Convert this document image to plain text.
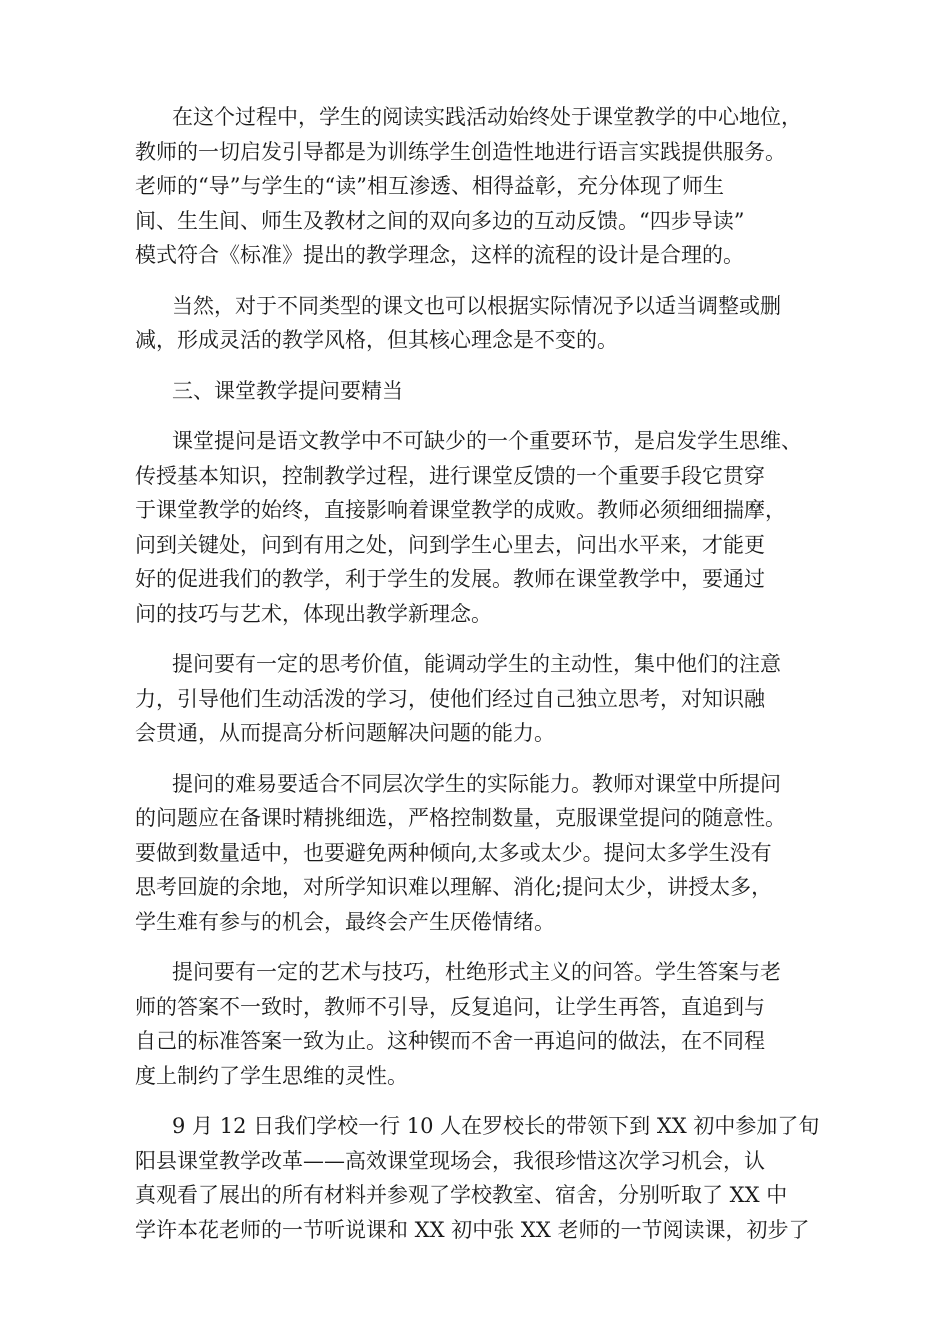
在这个过程中，学生的阅读实践活动始终处于课堂教学的中心地位，
教师的一切启发引导都是为训练学生创造性地进行语言实践提供服务。
老师的“导”与学生的“读”相互渗透、相得益彰，充分体现了师生
间、生生间、师生及教材之间的双向多边的互动反馈。“四步导读”
模式符合《标准》提出的教学理念，这样的流程的设计是合理的。
当然，对于不同类型的课文也可以根据实际情况予以适当调整或删
减，形成灵活的教学风格，但其核心理念是不变的。
三、课堂教学提问要精当
课堂提问是语文教学中不可缺少的一个重要环节，是启发学生思维、
传授基本知识，控制教学过程，进行课堂反馈的一个重要手段它贯穿
于课堂教学的始终，直接影响着课堂教学的成败。教师必须细细揣摩，
问到关键处，问到有用之处，问到学生心里去，问出水平来，才能更
好的促进我们的教学，利于学生的发展。教师在课堂教学中，要通过
问的技巧与艺术，体现出教学新理念。
提问要有一定的思考价值，能调动学生的主动性，集中他们的注意
力，引导他们生动活泼的学习，使他们经过自己独立思考，对知识融
会贯通，从而提高分析问题解决问题的能力。
提问的难易要适合不同层次学生的实际能力。教师对课堂中所提问
的问题应在备课时精挑细选，严格控制数量，克服课堂提问的随意性。
要做到数量适中，也要避免两种倾向,太多或太少。提问太多学生没有
思考回旋的余地，对所学知识难以理解、消化;提问太少，讲授太多，
学生难有参与的机会，最终会产生厌倦情绪。
提问要有一定的艺术与技巧，杜绝形式主义的问答。学生答案与老
师的答案不一致时，教师不引导，反复追问，让学生再答，直追到与
自己的标准答案一致为止。这种锲而不舍一再追问的做法，在不同程
度上制约了学生思维的灵性。
9 月 12 日我们学校一行 10 人在罗校长的带领下到 XX 初中参加了旬
阳县课堂教学改革——高效课堂现场会，我很珍惜这次学习机会，认
真观看了展出的所有材料并参观了学校教室、宿舍，分别听取了 XX 中
学许本花老师的一节听说课和 XX 初中张 XX 老师的一节阅读课，初步了
